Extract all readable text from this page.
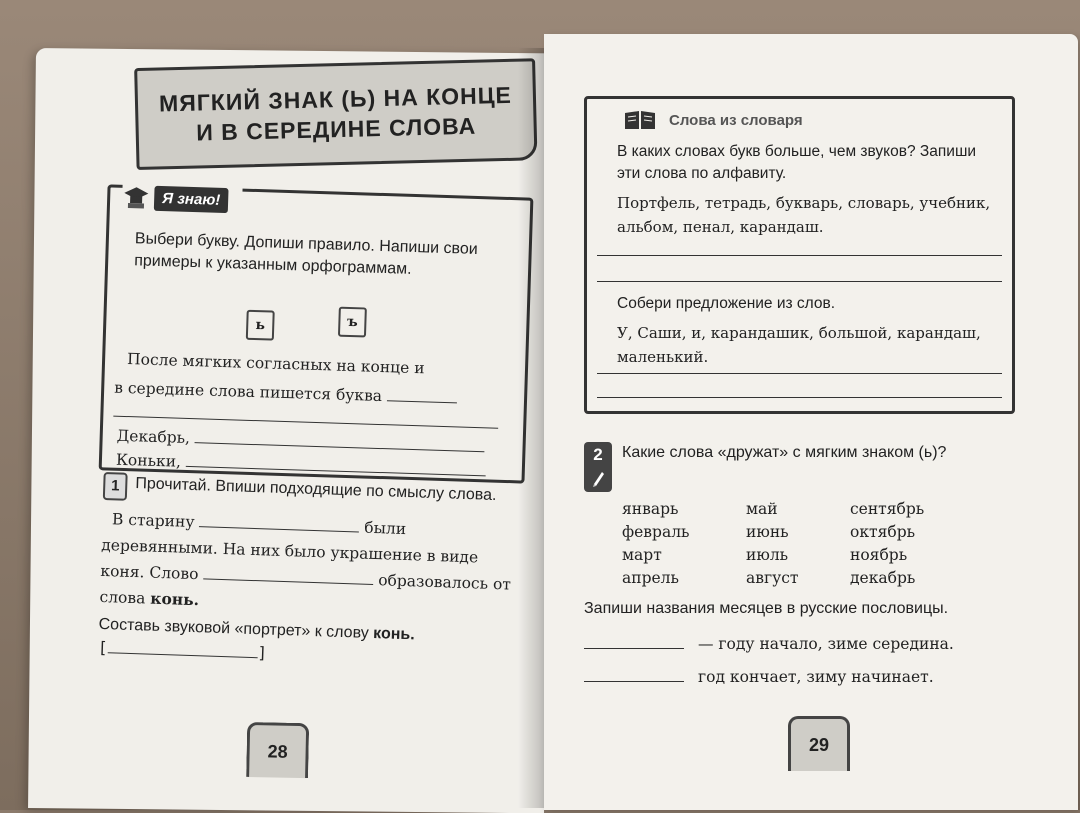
МЯГКИЙ ЗНАК (Ь) НА КОНЦЕ
И В СЕРЕДИНЕ СЛОВА
Я знаю!
Выбери букву. Допиши правило. Напиши свои примеры к указанным орфограммам.
ь	ъ
После мягких согласных на конце и
в середине слова пишется буква
Декабрь,
Коньки,
1 Прочитай. Впиши подходящие по смыслу слова.
В старину	были деревянными. На них было украшение в виде коня. Слово	образовалось от слова конь.
Составь звуковой «портрет» к слову конь.
[	]
28
Слова из словаря
В каких словах букв больше, чем звуков? Запиши эти слова по алфавиту.
Портфель, тетрадь, букварь, словарь, учебник, альбом, пенал, карандаш.
Собери предложение из слов.
У, Саши, и, карандашик, большой, карандаш, маленький.
2 Какие слова «дружат» с мягким знаком (ь)?
январь	май	сентябрь
февраль	июнь	октябрь
март	июль	ноябрь
апрель	август	декабрь
Запиши названия месяцев в русские пословицы.
— году начало, зиме середина.
год кончает, зиму начинает.
29
